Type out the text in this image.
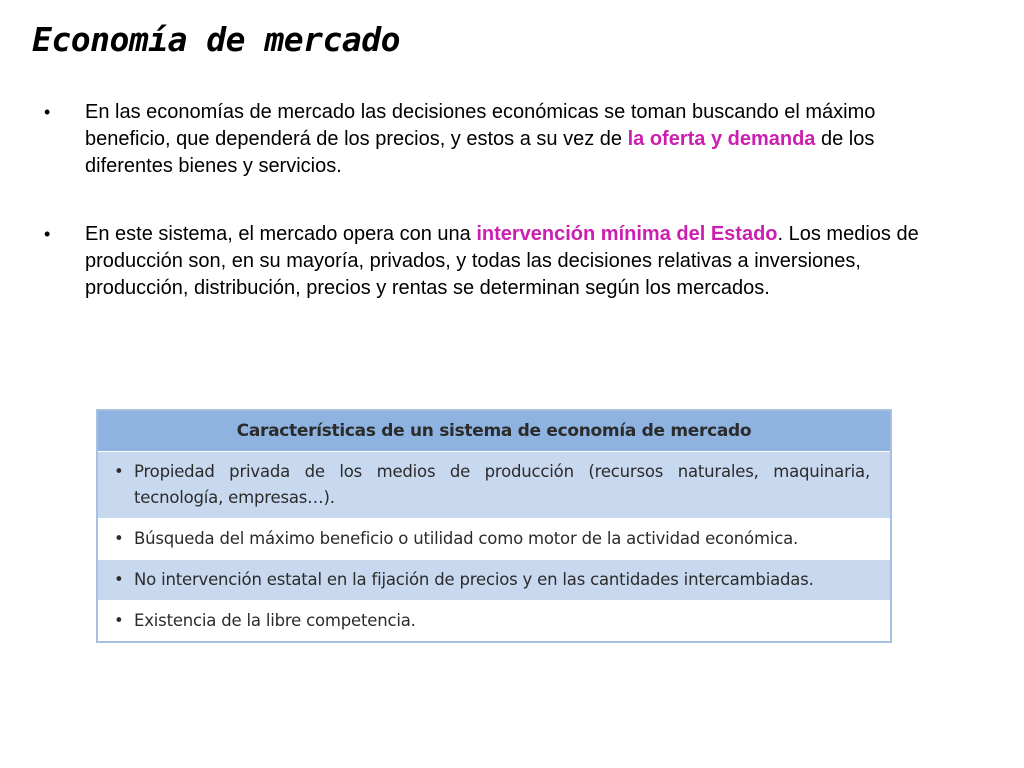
Economía de mercado
• En las economías de mercado las decisiones económicas se toman buscando el máximo beneficio, que dependerá de los precios, y estos a su vez de la oferta y demanda de los diferentes bienes y servicios.
• En este sistema, el mercado opera con una intervención mínima del Estado. Los medios de producción son, en su mayoría, privados, y todas las decisiones relativas a inversiones, producción, distribución, precios y rentas se determinan según los mercados.
Características de un sistema de economía de mercado
• Propiedad privada de los medios de producción (recursos naturales, maquinaria, tecnología, empresas…).
• Búsqueda del máximo beneficio o utilidad como motor de la actividad económica.
• No intervención estatal en la fijación de precios y en las cantidades intercambiadas.
• Existencia de la libre competencia.
